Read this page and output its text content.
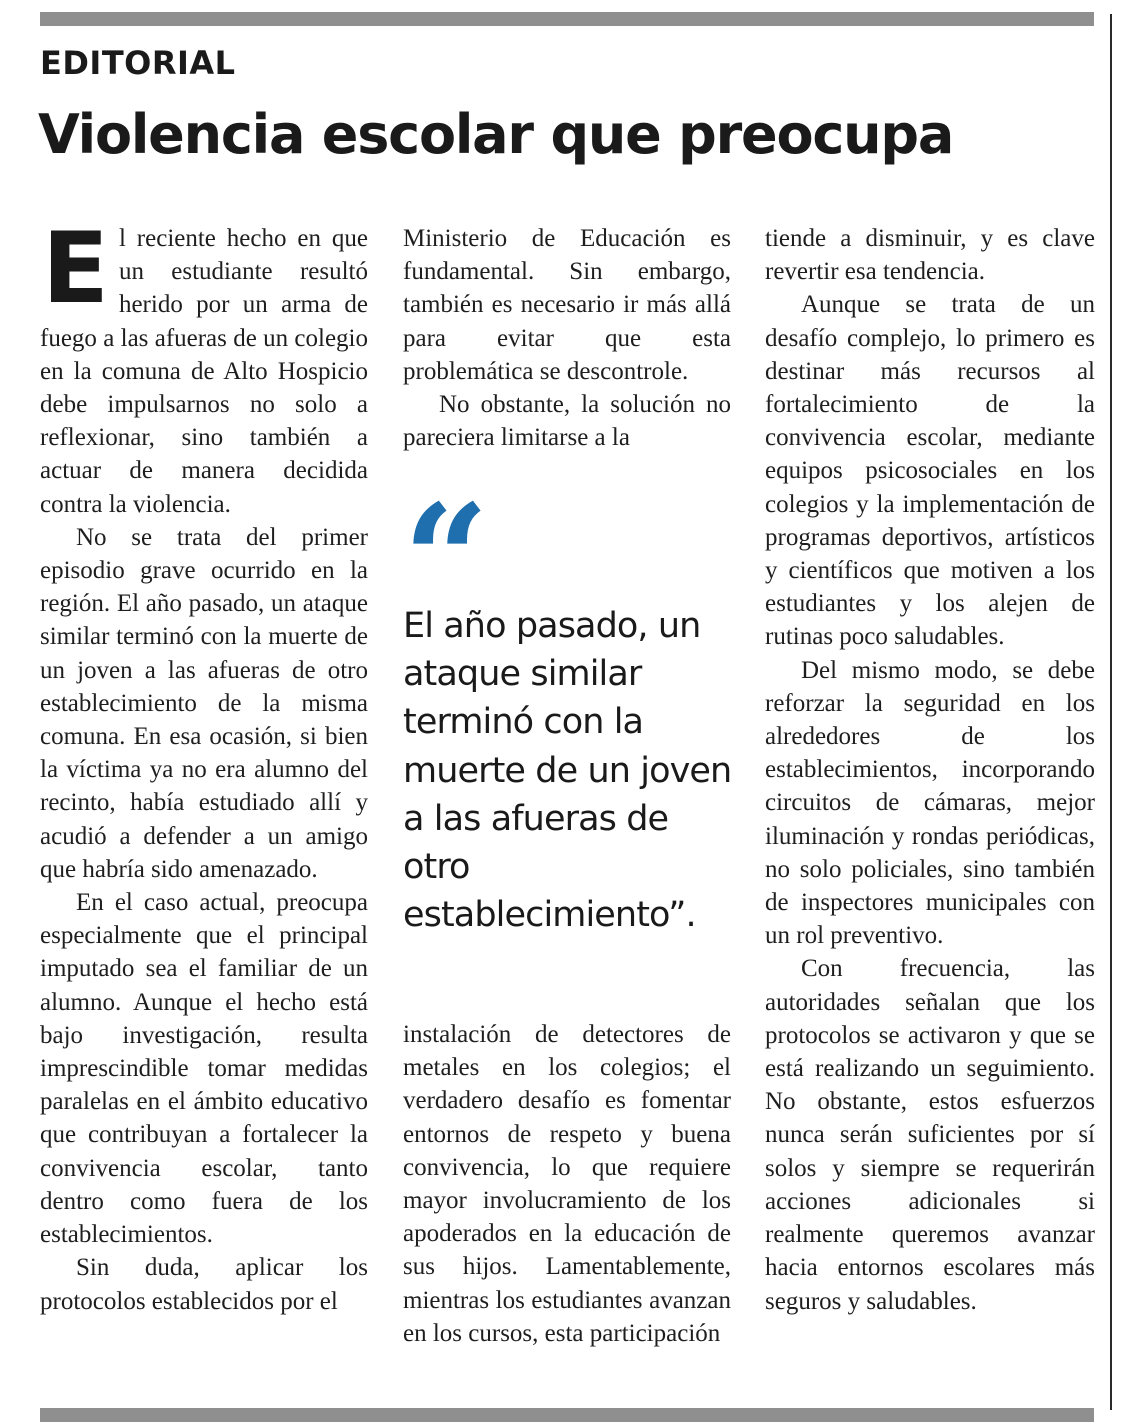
EDITORIAL
Violencia escolar que preocupa

El reciente hecho en que un estudiante resultó herido por un arma de fuego a las afueras de un colegio en la comuna de Alto Hospicio debe impulsarnos no solo a reflexionar, sino también a actuar de manera decidida contra la violencia.

No se trata del primer episodio grave ocurrido en la región. El año pasado, un ataque similar terminó con la muerte de un joven a las afueras de otro establecimiento de la misma comuna. En esa ocasión, si bien la víctima ya no era alumno del recinto, había estudiado allí y acudió a defender a un amigo que habría sido amenazado.

En el caso actual, preocupa especialmente que el principal imputado sea el familiar de un alumno. Aunque el hecho está bajo investigación, resulta imprescindible tomar medidas paralelas en el ámbito educativo que contribuyan a fortalecer la convivencia escolar, tanto dentro como fuera de los establecimientos.

Sin duda, aplicar los protocolos establecidos por el

Ministerio de Educación es fundamental. Sin embargo, también es necesario ir más allá para evitar que esta problemática se descontrole.

No obstante, la solución no pareciera limitarse a la

“

El año pasado, un ataque similar terminó con la muerte de un joven a las afueras de otro establecimiento”.

instalación de detectores de metales en los colegios; el verdadero desafío es fomentar entornos de respeto y buena convivencia, lo que requiere mayor involucramiento de los apoderados en la educación de sus hijos. Lamentablemente, mientras los estudiantes avanzan en los cursos, esta participación

tiende a disminuir, y es clave revertir esa tendencia.

Aunque se trata de un desafío complejo, lo primero es destinar más recursos al fortalecimiento de la convivencia escolar, mediante equipos psicosociales en los colegios y la implementación de programas deportivos, artísticos y científicos que motiven a los estudiantes y los alejen de rutinas poco saludables.

Del mismo modo, se debe reforzar la seguridad en los alrededores de los establecimientos, incorporando circuitos de cámaras, mejor iluminación y rondas periódicas, no solo policiales, sino también de inspectores municipales con un rol preventivo.

Con frecuencia, las autoridades señalan que los protocolos se activaron y que se está realizando un seguimiento. No obstante, estos esfuerzos nunca serán suficientes por sí solos y siempre se requerirán acciones adicionales si realmente queremos avanzar hacia entornos escolares más seguros y saludables.
